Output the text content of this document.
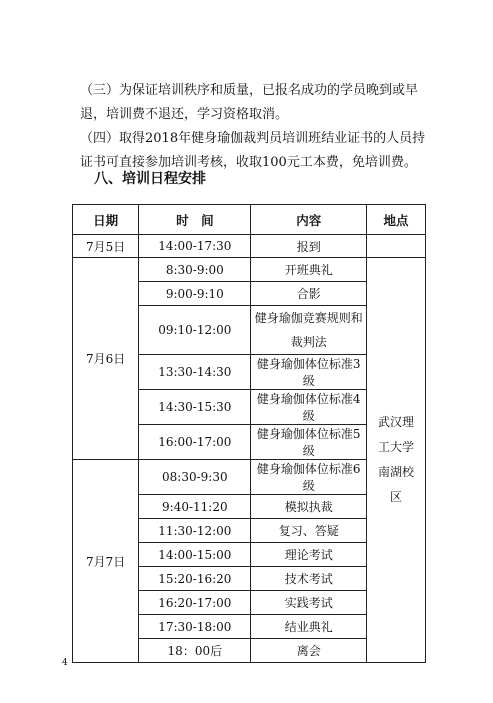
（三）为保证培训秩序和质量，已报名成功的学员晚到或早退，培训费不退还，学习资格取消。
（四）取得2018年健身瑜伽裁判员培训班结业证书的人员持证书可直接参加培训考核，收取100元工本费，免培训费。
八、培训日程安排
日期	时　间	内容	地点
7月5日	14:00-17:30	报到	
7月6日	8:30-9:00	开班典礼	武汉理工大学南湖校区
	9:00-9:10	合影	
	09:10-12:00	健身瑜伽竞赛规则和裁判法	
	13:30-14:30	健身瑜伽体位标准3级	
	14:30-15:30	健身瑜伽体位标准4级	
	16:00-17:00	健身瑜伽体位标准5级	
7月7日	08:30-9:30	健身瑜伽体位标准6级	
	9:40-11:20	模拟执裁	
	11:30-12:00	复习、答疑	
	14:00-15:00	理论考试	
	15:20-16:20	技术考试	
	16:20-17:00	实践考试	
	17:30-18:00	结业典礼	
	18：00后	离会	
4
